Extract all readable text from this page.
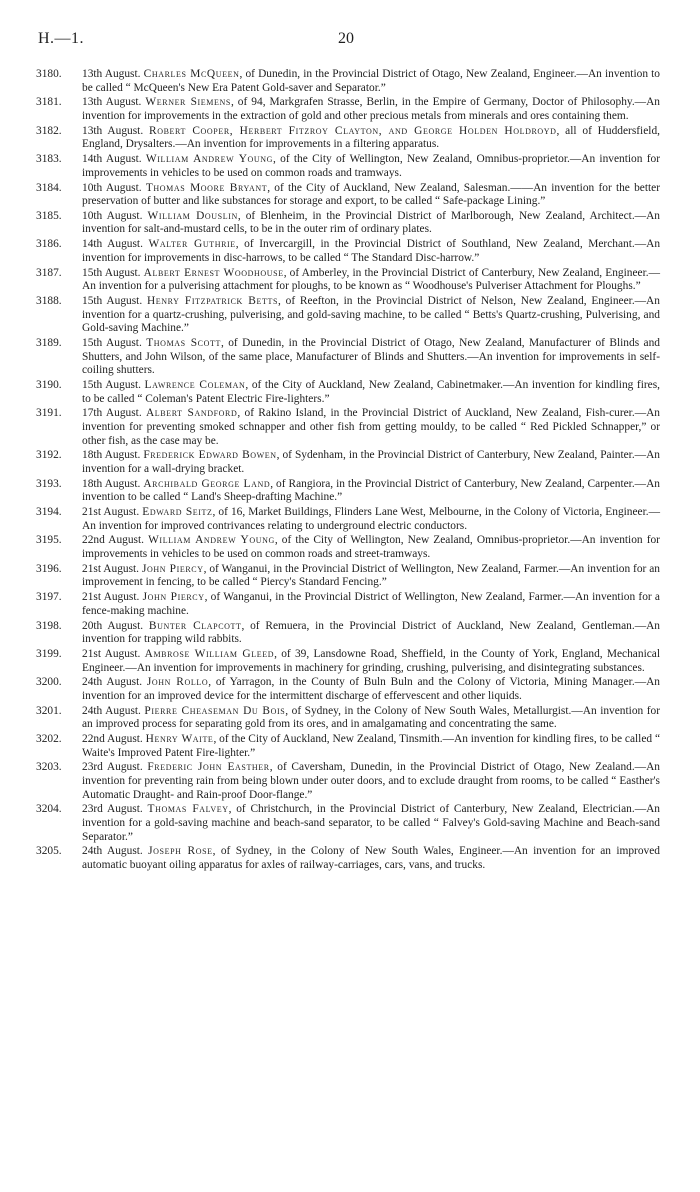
H.—1.	20
3180. 13th August. Charles McQueen, of Dunedin, in the Provincial District of Otago, New Zealand, Engineer.—An invention to be called “ McQueen's New Era Patent Gold-saver and Separator.”
3181. 13th August. Werner Siemens, of 94, Markgrafen Strasse, Berlin, in the Empire of Germany, Doctor of Philosophy.—An invention for improvements in the extraction of gold and other precious metals from minerals and ores containing them.
3182. 13th August. Robert Cooper, Herbert Fitzroy Clayton, and George Holden Holdroyd, all of Huddersfield, England, Drysalters.—An invention for improvements in a filtering apparatus.
3183. 14th August. William Andrew Young, of the City of Wellington, New Zealand, Omnibus-proprietor.—An invention for improvements in vehicles to be used on common roads and tramways.
3184. 10th August. Thomas Moore Bryant, of the City of Auckland, New Zealand, Salesman.——An invention for the better preservation of butter and like substances for storage and export, to be called “ Safe-package Lining.”
3185. 10th August. William Douslin, of Blenheim, in the Provincial District of Marlborough, New Zealand, Architect.—An invention for salt-and-mustard cells, to be in the outer rim of ordinary plates.
3186. 14th August. Walter Guthrie, of Invercargill, in the Provincial District of Southland, New Zealand, Merchant.—An invention for improvements in disc-harrows, to be called “ The Standard Disc-harrow.”
3187. 15th August. Albert Ernest Woodhouse, of Amberley, in the Provincial District of Canterbury, New Zealand, Engineer.—An invention for a pulverising attachment for ploughs, to be known as “ Woodhouse's Pulveriser Attachment for Ploughs.”
3188. 15th August. Henry Fitzpatrick Betts, of Reefton, in the Provincial District of Nelson, New Zealand, Engineer.—An invention for a quartz-crushing, pulverising, and gold-saving machine, to be called “ Betts's Quartz-crushing, Pulverising, and Gold-saving Machine.”
3189. 15th August. Thomas Scott, of Dunedin, in the Provincial District of Otago, New Zealand, Manufacturer of Blinds and Shutters, and John Wilson, of the same place, Manufacturer of Blinds and Shutters.—An invention for improvements in self-coiling shutters.
3190. 15th August. Lawrence Coleman, of the City of Auckland, New Zealand, Cabinetmaker.—An invention for kindling fires, to be called “ Coleman's Patent Electric Fire-lighters.”
3191. 17th August. Albert Sandford, of Rakino Island, in the Provincial District of Auckland, New Zealand, Fish-curer.—An invention for preventing smoked schnapper and other fish from getting mouldy, to be called “ Red Pickled Schnapper,” or other fish, as the case may be.
3192. 18th August. Frederick Edward Bowen, of Sydenham, in the Provincial District of Canterbury, New Zealand, Painter.—An invention for a wall-drying bracket.
3193. 18th August. Archibald George Land, of Rangiora, in the Provincial District of Canterbury, New Zealand, Carpenter.—An invention to be called “ Land's Sheep-drafting Machine.”
3194. 21st August. Edward Seitz, of 16, Market Buildings, Flinders Lane West, Melbourne, in the Colony of Victoria, Engineer.—An invention for improved contrivances relating to underground electric conductors.
3195. 22nd August. William Andrew Young, of the City of Wellington, New Zealand, Omnibus-proprietor.—An invention for improvements in vehicles to be used on common roads and street-tramways.
3196. 21st August. John Piercy, of Wanganui, in the Provincial District of Wellington, New Zealand, Farmer.—An invention for an improvement in fencing, to be called “ Piercy's Standard Fencing.”
3197. 21st August. John Piercy, of Wanganui, in the Provincial District of Wellington, New Zealand, Farmer.—An invention for a fence-making machine.
3198. 20th August. Bunter Clapcott, of Remuera, in the Provincial District of Auckland, New Zealand, Gentleman.—An invention for trapping wild rabbits.
3199. 21st August. Ambrose William Gleed, of 39, Lansdowne Road, Sheffield, in the County of York, England, Mechanical Engineer.—An invention for improvements in machinery for grinding, crushing, pulverising, and disintegrating substances.
3200. 24th August. John Rollo, of Yarragon, in the County of Buln Buln and the Colony of Victoria, Mining Manager.—An invention for an improved device for the intermittent discharge of effervescent and other liquids.
3201. 24th August. Pierre Cheaseman Du Bois, of Sydney, in the Colony of New South Wales, Metallurgist.—An invention for an improved process for separating gold from its ores, and in amalgamating and concentrating the same.
3202. 22nd August. Henry Waite, of the City of Auckland, New Zealand, Tinsmith.—An invention for kindling fires, to be called “ Waite's Improved Patent Fire-lighter.”
3203. 23rd August. Frederic John Easther, of Caversham, Dunedin, in the Provincial District of Otago, New Zealand.—An invention for preventing rain from being blown under outer doors, and to exclude draught from rooms, to be called “ Easther's Automatic Draught- and Rain-proof Door-flange.”
3204. 23rd August. Thomas Falvey, of Christchurch, in the Provincial District of Canterbury, New Zealand, Electrician.—An invention for a gold-saving machine and beach-sand separator, to be called “ Falvey's Gold-saving Machine and Beach-sand Separator.”
3205. 24th August. Joseph Rose, of Sydney, in the Colony of New South Wales, Engineer.—An invention for an improved automatic buoyant oiling apparatus for axles of railway-carriages, cars, vans, and trucks.
